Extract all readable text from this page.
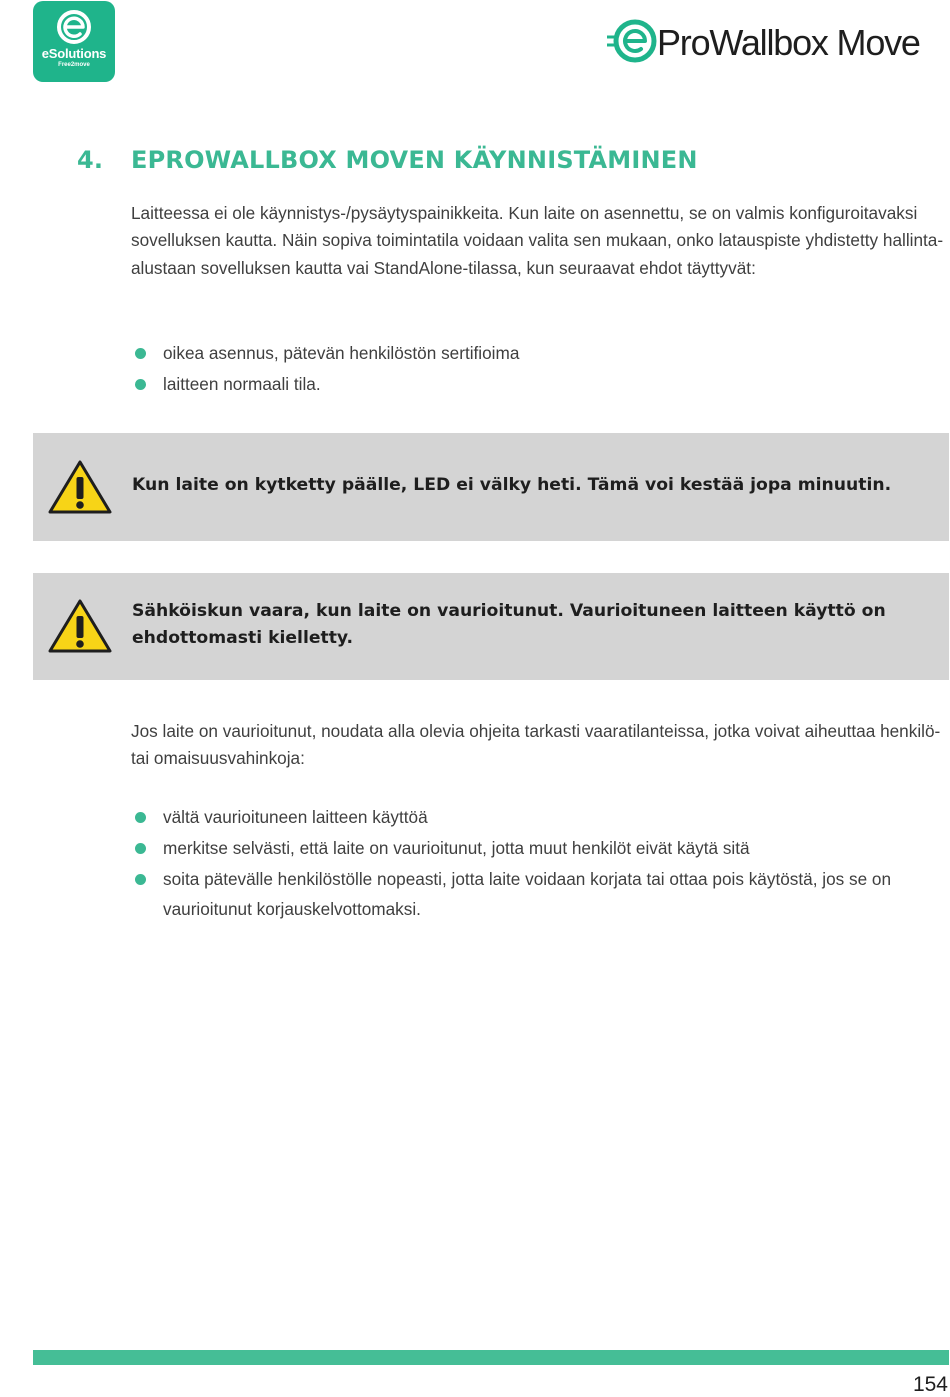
eSolutions
Free2move
ProWallbox Move
4. EPROWALLBOX MOVEN KÄYNNISTÄMINEN
Laitteessa ei ole käynnistys-/pysäytyspainikkeita. Kun laite on asennettu, se on valmis konfiguroitavaksi sovelluksen kautta. Näin sopiva toimintatila voidaan valita sen mukaan, onko latauspiste yhdistetty hallinta-alustaan sovelluksen kautta vai StandAlone-tilassa, kun seuraavat ehdot täyttyvät:
oikea asennus, pätevän henkilöstön sertifioima
laitteen normaali tila.
Kun laite on kytketty päälle, LED ei välky heti. Tämä voi kestää jopa minuutin.
Sähköiskun vaara, kun laite on vaurioitunut. Vaurioituneen laitteen käyttö on ehdottomasti kielletty.
Jos laite on vaurioitunut, noudata alla olevia ohjeita tarkasti vaaratilanteissa, jotka voivat aiheuttaa henkilö- tai omaisuusvahinkoja:
vältä vaurioituneen laitteen käyttöä
merkitse selvästi, että laite on vaurioitunut, jotta muut henkilöt eivät käytä sitä
soita pätevälle henkilöstölle nopeasti, jotta laite voidaan korjata tai ottaa pois käytöstä, jos se on vaurioitunut korjauskelvottomaksi.
154
